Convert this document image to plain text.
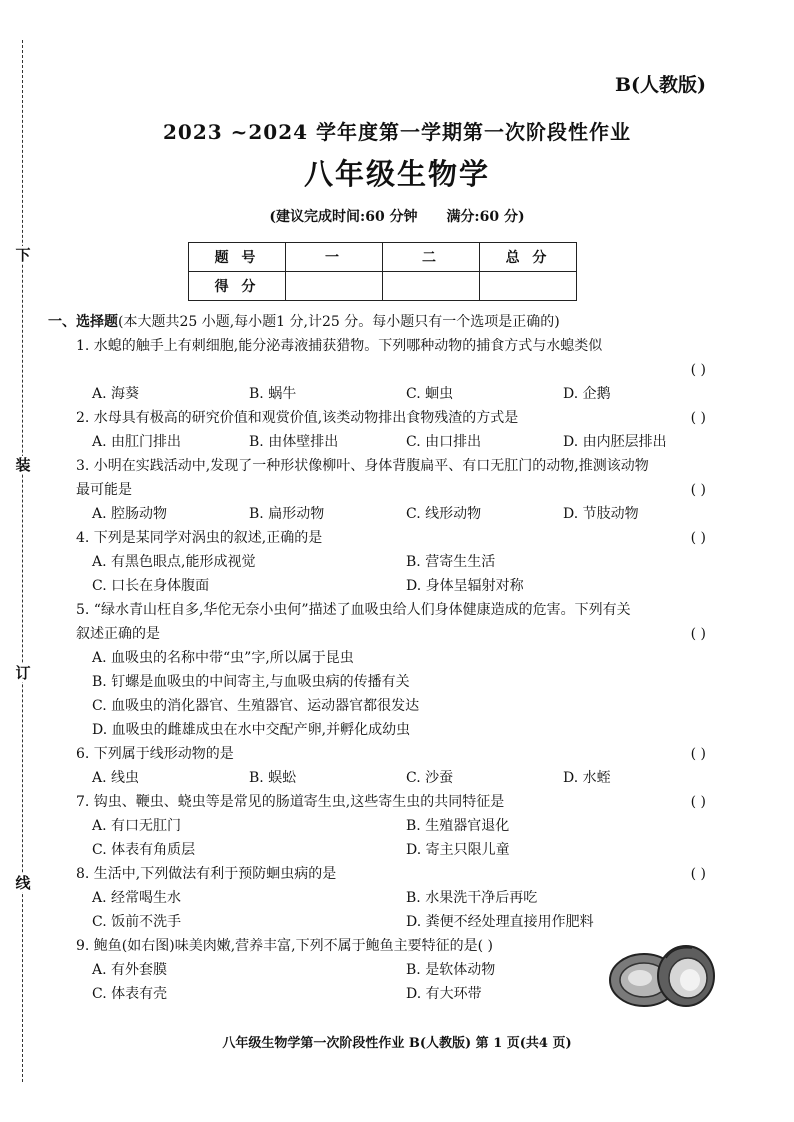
下
装
订
线
B(人教版)
2023 ~2024 学年度第一学期第一次阶段性作业
八年级生物学
(建议完成时间:60 分钟 满分:60 分)
题 号	一	二	总 分
得 分			
一、选择题(本大题共25 小题,每小题1 分,计25 分。每小题只有一个选项是正确的)
1. 水螅的触手上有刺细胞,能分泌毒液捕获猎物。下列哪种动物的捕食方式与水螅类似
( )
A. 海葵	B. 蜗牛	C. 蛔虫	D. 企鹅
2. 水母具有极高的研究价值和观赏价值,该类动物排出食物残渣的方式是	( )
A. 由肛门排出	B. 由体壁排出	C. 由口排出	D. 由内胚层排出
3. 小明在实践活动中,发现了一种形状像柳叶、身体背腹扁平、有口无肛门的动物,推测该动物
最可能是	( )
A. 腔肠动物	B. 扁形动物	C. 线形动物	D. 节肢动物
4. 下列是某同学对涡虫的叙述,正确的是	( )
A. 有黑色眼点,能形成视觉	B. 营寄生生活
C. 口长在身体腹面	D. 身体呈辐射对称
5. “绿水青山枉自多,华佗无奈小虫何”描述了血吸虫给人们身体健康造成的危害。下列有关
叙述正确的是	( )
A. 血吸虫的名称中带“虫”字,所以属于昆虫
B. 钉螺是血吸虫的中间寄主,与血吸虫病的传播有关
C. 血吸虫的消化器官、生殖器官、运动器官都很发达
D. 血吸虫的雌雄成虫在水中交配产卵,并孵化成幼虫
6. 下列属于线形动物的是	( )
A. 线虫	B. 蜈蚣	C. 沙蚕	D. 水蛭
7. 钩虫、鞭虫、蛲虫等是常见的肠道寄生虫,这些寄生虫的共同特征是	( )
A. 有口无肛门	B. 生殖器官退化
C. 体表有角质层	D. 寄主只限儿童
8. 生活中,下列做法有利于预防蛔虫病的是	( )
A. 经常喝生水	B. 水果洗干净后再吃
C. 饭前不洗手	D. 粪便不经处理直接用作肥料
9. 鲍鱼(如右图)味美肉嫩,营养丰富,下列不属于鲍鱼主要特征的是( )
A. 有外套膜	B. 是软体动物
C. 体表有壳	D. 有大环带
八年级生物学第一次阶段性作业 B(人教版) 第 1 页(共4 页)
